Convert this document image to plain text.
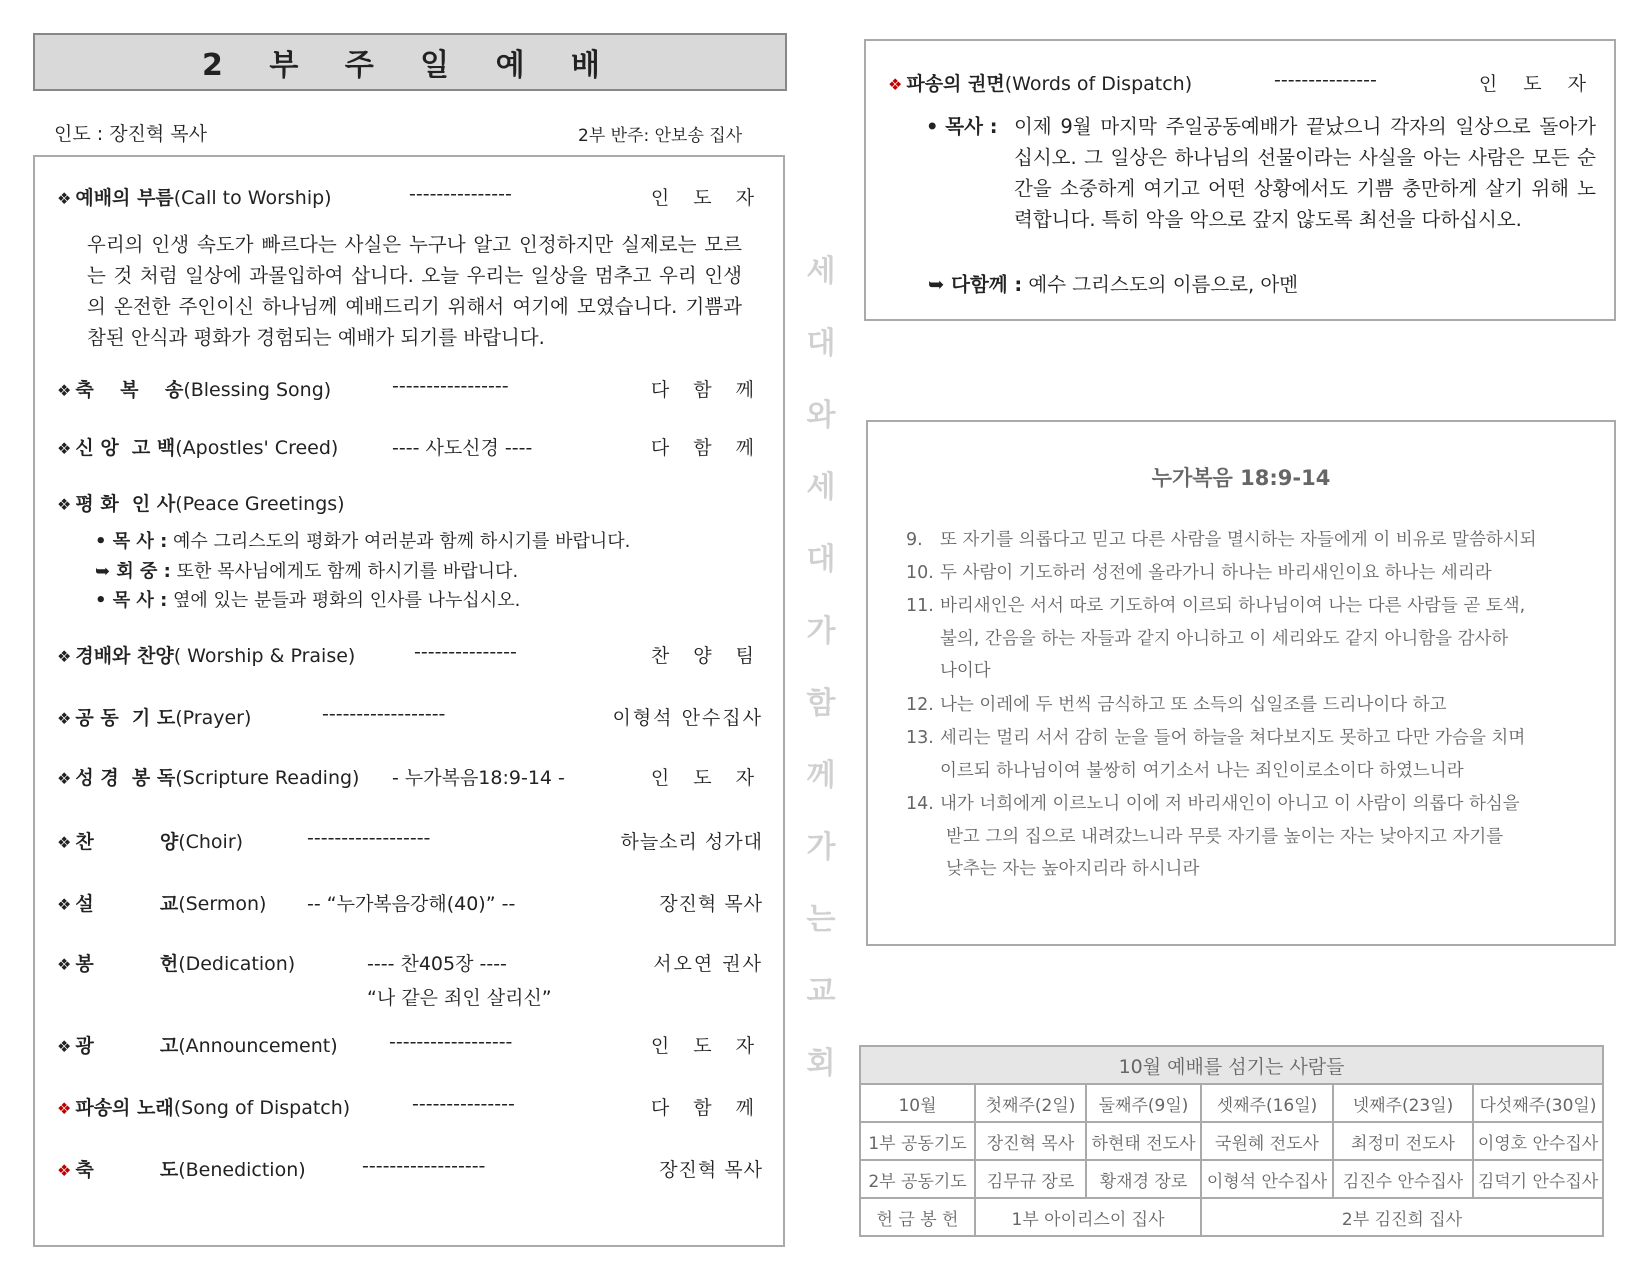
2 부 주 일 예 배
인도 : 장진혁 목사	2부 반주: 안보송 집사
❖ 예배의 부름(Call to Worship)	---------------	인 도 자
우리의 인생 속도가 빠르다는 사실은 누구나 알고 인정하지만 실제로는 모르는 것 처럼 일상에 과몰입하여 삽니다. 오늘 우리는 일상을 멈추고 우리 인생의 온전한 주인이신 하나님께 예배드리기 위해서 여기에 모였습니다. 기쁨과 참된 안식과 평화가 경험되는 예배가 되기를 바랍니다.
❖ 축    복    송(Blessing Song)	-----------------	다 함 께
❖ 신 앙  고 백(Apostles' Creed)	---- 사도신경 ----	다 함 께
❖ 평 화  인 사(Peace Greetings)
• 목 사 : 예수 그리스도의 평화가 여러분과 함께 하시기를 바랍니다.
➥ 회 중 : 또한 목사님에게도 함께 하시기를 바랍니다.
• 목 사 : 옆에 있는 분들과 평화의 인사를 나누십시오.
❖ 경배와 찬양( Worship & Praise)	---------------	찬 양 팀
❖ 공 동  기 도(Prayer)	------------------	이형석 안수집사
❖ 성 경  봉 독(Scripture Reading) - 누가복음18:9-14 -	인 도 자
❖ 찬          양(Choir)	------------------	하늘소리 성가대
❖ 설          교(Sermon) -- “누가복음강해(40)” --	장진혁 목사
❖ 봉          헌(Dedication)	---- 찬405장 ----	서오연 권사
“나 같은 죄인 살리신”
❖ 광          고(Announcement)	------------------	인 도 자
❖ 파송의 노래(Song of Dispatch)	---------------	다 함 께
❖ 축          도(Benediction)	------------------	장진혁 목사
세
대
와
세
대
가
함
께
가
는
교
회
❖ 파송의 권면(Words of Dispatch)	---------------	인 도 자
• 목사 : 이제 9월 마지막 주일공동예배가 끝났으니 각자의 일상으로 돌아가십시오. 그 일상은 하나님의 선물이라는 사실을 아는 사람은 모든 순간을 소중하게 여기고 어떤 상황에서도 기쁨 충만하게 살기 위해 노력합니다. 특히 악을 악으로 갚지 않도록 최선을 다하십시오.
➥ 다함께 : 예수 그리스도의 이름으로, 아멘
누가복음 18:9-14
9. 또 자기를 의롭다고 믿고 다른 사람을 멸시하는 자들에게 이 비유로 말씀하시되
10. 두 사람이 기도하러 성전에 올라가니 하나는 바리새인이요 하나는 세리라
11. 바리새인은 서서 따로 기도하여 이르되 하나님이여 나는 다른 사람들 곧 토색,
불의, 간음을 하는 자들과 같지 아니하고 이 세리와도 같지 아니함을 감사하
나이다
12. 나는 이레에 두 번씩 금식하고 또 소득의 십일조를 드리나이다 하고
13. 세리는 멀리 서서 감히 눈을 들어 하늘을 쳐다보지도 못하고 다만 가슴을 치며
이르되 하나님이여 불쌍히 여기소서 나는 죄인이로소이다 하였느니라
14. 내가 너희에게 이르노니 이에 저 바리새인이 아니고 이 사람이 의롭다 하심을
받고 그의 집으로 내려갔느니라 무릇 자기를 높이는 자는 낮아지고 자기를
낮추는 자는 높아지리라 하시니라
10월 예배를 섬기는 사람들					
10월	첫째주(2일)	둘째주(9일)	셋째주(16일)	넷째주(23일)	다섯째주(30일)
1부 공동기도	장진혁 목사	하현태 전도사	국원혜 전도사	최정미 전도사	이영호 안수집사
2부 공동기도	김무규 장로	황재경 장로	이형석 안수집사	김진수 안수집사	김덕기 안수집사
헌 금 봉 헌	1부 아이리스이 집사		2부 김진희 집사		
